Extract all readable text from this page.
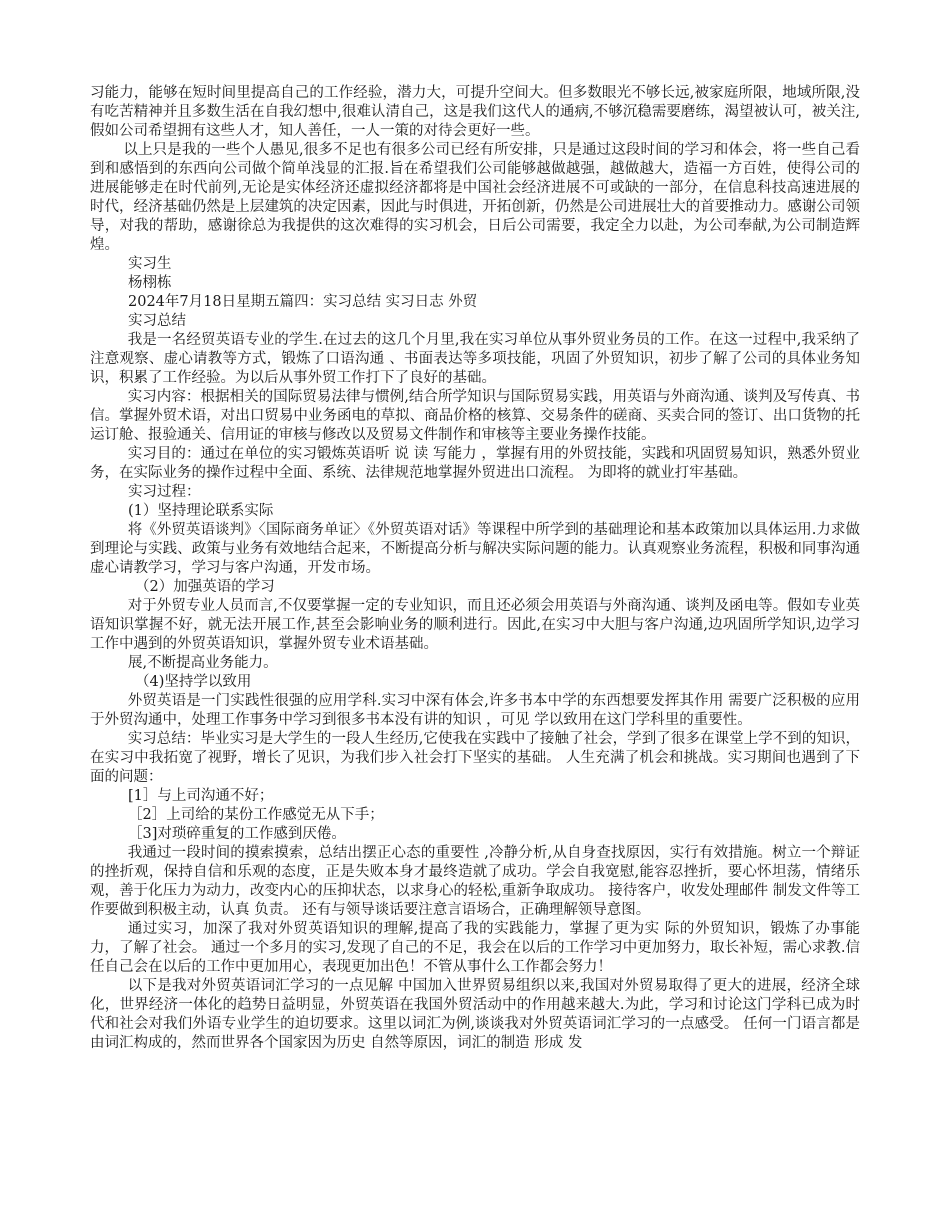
习能力，能够在短时间里提高自己的工作经验，潜力大，可提升空间大。但多数眼光不够长远,被家庭所限，地域所限,没有吃苦精神并且多数生活在自我幻想中,很难认清自己，这是我们这代人的通病,不够沉稳需要磨练，渴望被认可，被关注,假如公司希望拥有这些人才，知人善任，一人一策的对待会更好一些。

以上只是我的一些个人愚见,很多不足也有很多公司已经有所安排，只是通过这段时间的学习和体会，将一些自己看到和感悟到的东西向公司做个简单浅显的汇报.旨在希望我们公司能够越做越强，越做越大，造福一方百姓，使得公司的进展能够走在时代前列,无论是实体经济还虚拟经济都将是中国社会经济进展不可或缺的一部分，在信息科技高速进展的时代，经济基础仍然是上层建筑的决定因素，因此与时俱进，开拓创新，仍然是公司进展壮大的首要推动力。感谢公司领导，对我的帮助，感谢徐总为我提供的这次难得的实习机会，日后公司需要，我定全力以赴，为公司奉献,为公司制造辉煌。

实习生

杨栩栋

2024年7月18日星期五篇四：实习总结 实习日志 外贸

实习总结

我是一名经贸英语专业的学生.在过去的这几个月里,我在实习单位从事外贸业务员的工作。在这一过程中,我采纳了注意观察、虚心请教等方式，锻炼了口语沟通 、书面表达等多项技能，巩固了外贸知识，初步了解了公司的具体业务知识，积累了工作经验。为以后从事外贸工作打下了良好的基础。

实习内容：根据相关的国际贸易法律与惯例,结合所学知识与国际贸易实践，用英语与外商沟通、谈判及写传真、书信。掌握外贸术语，对出口贸易中业务函电的草拟、商品价格的核算、交易条件的磋商、买卖合同的签订、出口货物的托运订舱、报验通关、信用证的审核与修改以及贸易文件制作和审核等主要业务操作技能。

实习目的：通过在单位的实习锻炼英语听 说 读 写能力 ，掌握有用的外贸技能，实践和巩固贸易知识，熟悉外贸业务，在实际业务的操作过程中全面、系统、法律规范地掌握外贸进出口流程。 为即将的就业打牢基础。

实习过程：

(1）坚持理论联系实际

将《外贸英语谈判》〈国际商务单证〉《外贸英语对话》等课程中所学到的基础理论和基本政策加以具体运用.力求做到理论与实践、政策与业务有效地结合起来，不断提高分析与解决实际问题的能力。认真观察业务流程，积极和同事沟通 虚心请教学习，学习与客户沟通，开发市场。

（2）加强英语的学习

对于外贸专业人员而言,不仅要掌握一定的专业知识，而且还必须会用英语与外商沟通、谈判及函电等。假如专业英语知识掌握不好，就无法开展工作,甚至会影响业务的顺利进行。因此,在实习中大胆与客户沟通,边巩固所学知识,边学习工作中遇到的外贸英语知识，掌握外贸专业术语基础。

展,不断提高业务能力。

（4)坚持学以致用

外贸英语是一门实践性很强的应用学科.实习中深有体会,许多书本中学的东西想要发挥其作用 需要广泛积极的应用于外贸沟通中，处理工作事务中学习到很多书本没有讲的知识 ，可见 学以致用在这门学科里的重要性。

实习总结：毕业实习是大学生的一段人生经历,它使我在实践中了接触了社会，学到了很多在课堂上学不到的知识，在实习中我拓宽了视野，增长了见识，为我们步入社会打下坚实的基础。 人生充满了机会和挑战。实习期间也遇到了下面的问题：

[1］与上司沟通不好；

［2］上司给的某份工作感觉无从下手；

［3]对琐碎重复的工作感到厌倦。

我通过一段时间的摸索摸索，总结出摆正心态的重要性 ,冷静分析,从自身查找原因，实行有效措施。树立一个辩证的挫折观，保持自信和乐观的态度，正是失败本身才最终造就了成功。学会自我宽慰,能容忍挫折，要心怀坦荡，情绪乐观，善于化压力为动力，改变内心的压抑状态，以求身心的轻松,重新争取成功。 接待客户，收发处理邮件 制发文件等工作要做到积极主动，认真 负责。 还有与领导谈话要注意言语场合，正确理解领导意图。

通过实习，加深了我对外贸英语知识的理解,提高了我的实践能力，掌握了更为实 际的外贸知识，锻炼了办事能力，了解了社会。 通过一个多月的实习,发现了自己的不足，我会在以后的工作学习中更加努力，取长补短，需心求教.信任自己会在以后的工作中更加用心，表现更加出色！不管从事什么工作都会努力！

以下是我对外贸英语词汇学习的一点见解 中国加入世界贸易组织以来,我国对外贸易取得了更大的进展，经济全球化，世界经济一体化的趋势日益明显，外贸英语在我国外贸活动中的作用越来越大.为此，学习和讨论这门学科已成为时代和社会对我们外语专业学生的迫切要求。这里以词汇为例,谈谈我对外贸英语词汇学习的一点感受。 任何一门语言都是由词汇构成的，然而世界各个国家因为历史 自然等原因，词汇的制造 形成 发
